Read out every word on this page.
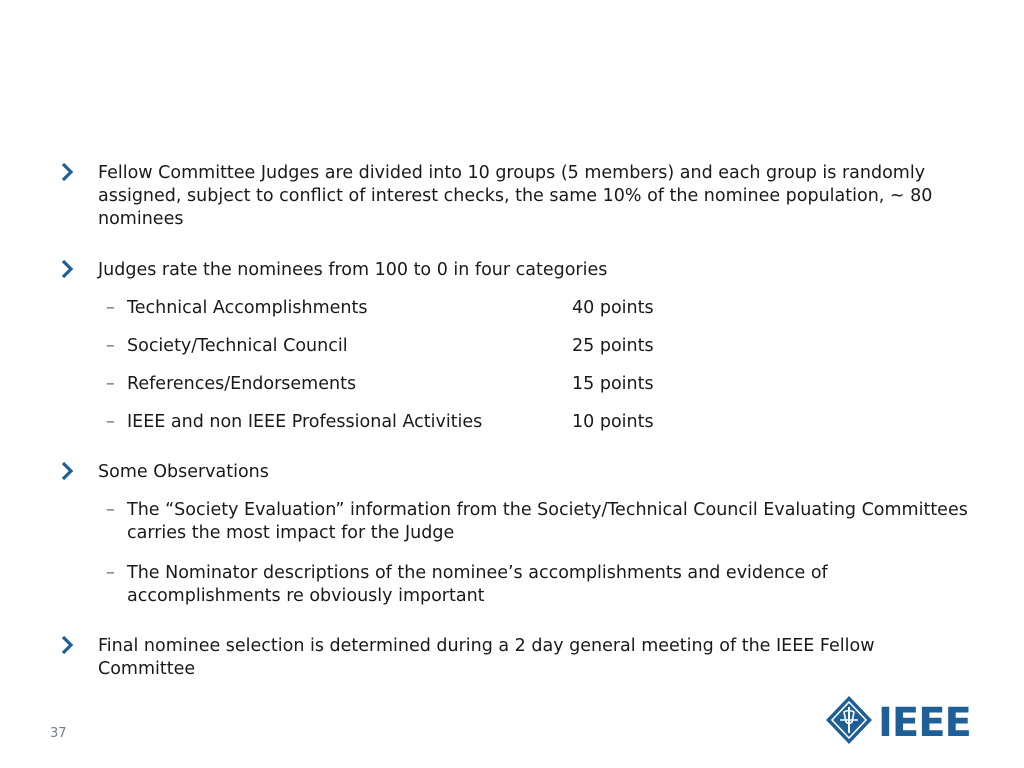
Fellow Committee Judges are divided into 10 groups (5 members) and each group is randomly assigned, subject to conflict of interest checks, the same 10% of the nominee population, ~ 80 nominees
Judges rate the nominees from 100 to 0 in four categories
– Technical Accomplishments	40 points
– Society/Technical Council	25 points
– References/Endorsements	15 points
– IEEE and non IEEE Professional Activities	10 points
Some Observations
– The “Society Evaluation” information from the Society/Technical Council Evaluating Committees carries the most impact for the Judge
– The Nominator descriptions of the nominee’s accomplishments and evidence of accomplishments re obviously important
Final nominee selection is determined during a 2 day general meeting of the IEEE Fellow Committee
37	IEEE
